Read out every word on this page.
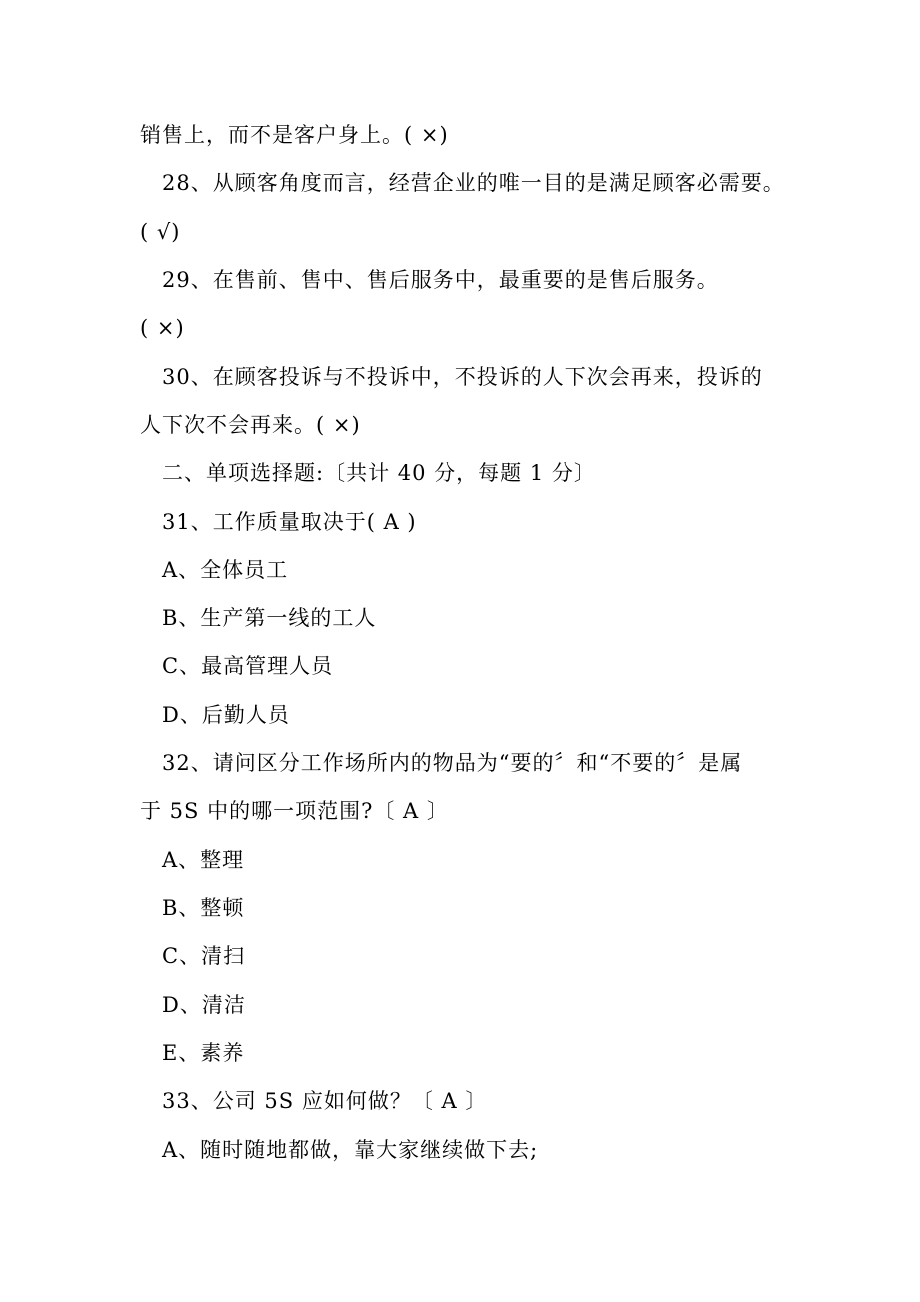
销售上，而不是客户身上。( ×)
28、从顾客角度而言，经营企业的唯一目的是满足顾客必需要。
( √)
29、在售前、售中、售后服务中，最重要的是售后服务。
( ×)
30、在顾客投诉与不投诉中，不投诉的人下次会再来，投诉的
人下次不会再来。( ×)
二、单项选择题:〔共计 40 分，每题 1 分〕
31、工作质量取决于( A )
A、全体员工
B、生产第一线的工人
C、最高管理人员
D、后勤人员
32、请问区分工作场所内的物品为“要的〞和“不要的〞是属
于 5S 中的哪一项范围?〔 A 〕
A、整理
B、整顿
C、清扫
D、清洁
E、素养
33、公司 5S 应如何做？〔 A 〕
A、随时随地都做，靠大家继续做下去;
